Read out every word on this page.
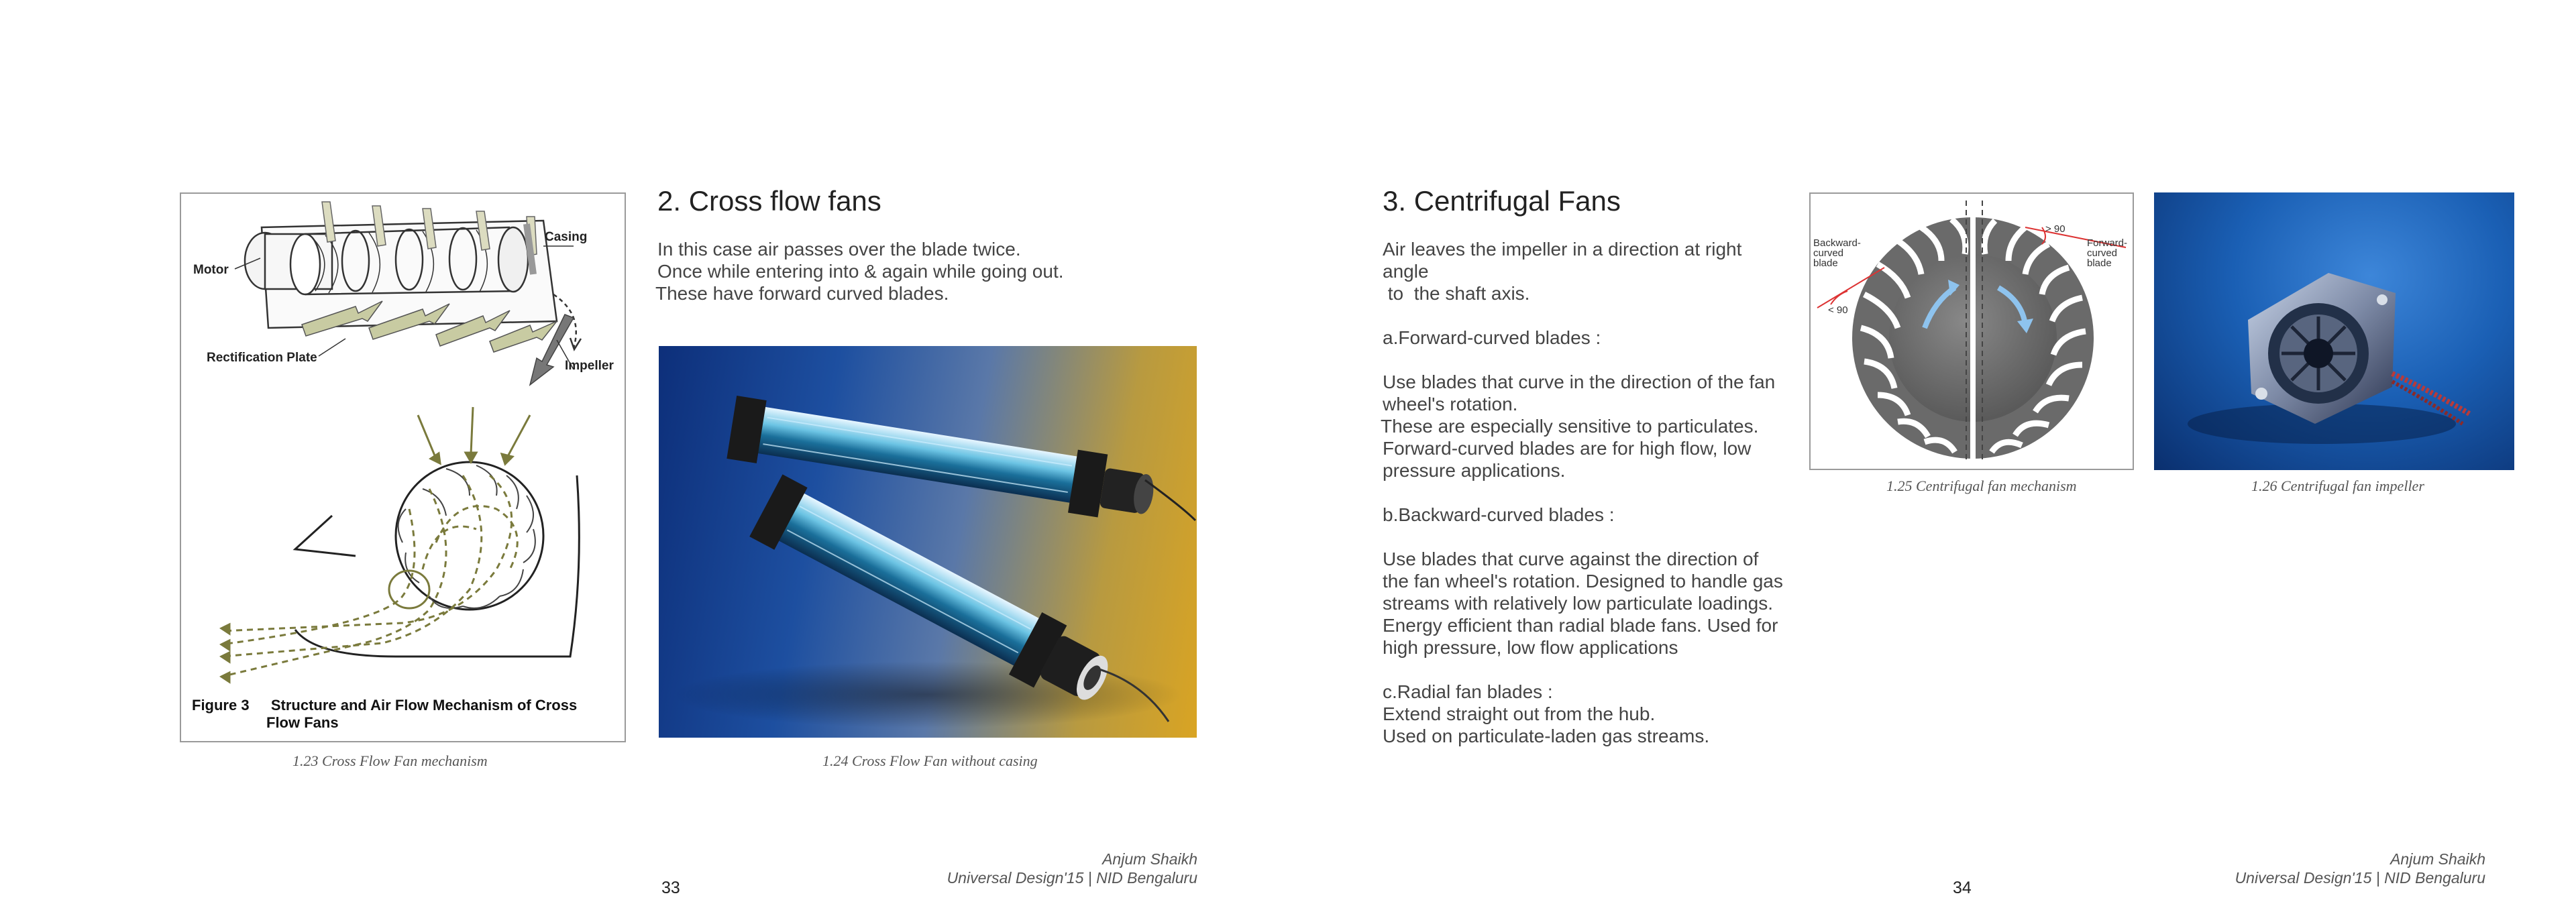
Motor
Casing
Rectification Plate
Impeller
Figure 3 Structure and Air Flow Mechanism of Cross
Flow Fans
1.23 Cross Flow Fan mechanism
2. Cross flow fans
In this case air passes over the blade twice.
Once while entering into & again while going out.
These have forward curved blades.
1.24 Cross Flow Fan without casing
Anjum Shaikh
Universal Design'15 | NID Bengaluru
33
3. Centrifugal Fans
Air leaves the impeller in a direction at right angle
to  the shaft axis.
a.Forward-curved blades :
Use blades that curve in the direction of the fan
wheel's rotation.
These are especially sensitive to particulates.
Forward-curved blades are for high flow, low
pressure applications.
b.Backward-curved blades :
Use blades that curve against the direction of
the fan wheel's rotation. Designed to handle gas
streams with relatively low particulate loadings.
Energy efficient than radial blade fans. Used for
high pressure, low flow applications
c.Radial fan blades :
Extend straight out from the hub.
Used on particulate-laden gas streams.
Backward-
curved
blade
Forward-
curved
blade
> 90
< 90
1.25 Centrifugal fan mechanism	1.26 Centrifugal fan impeller
Anjum Shaikh
Universal Design'15 | NID Bengaluru
34
